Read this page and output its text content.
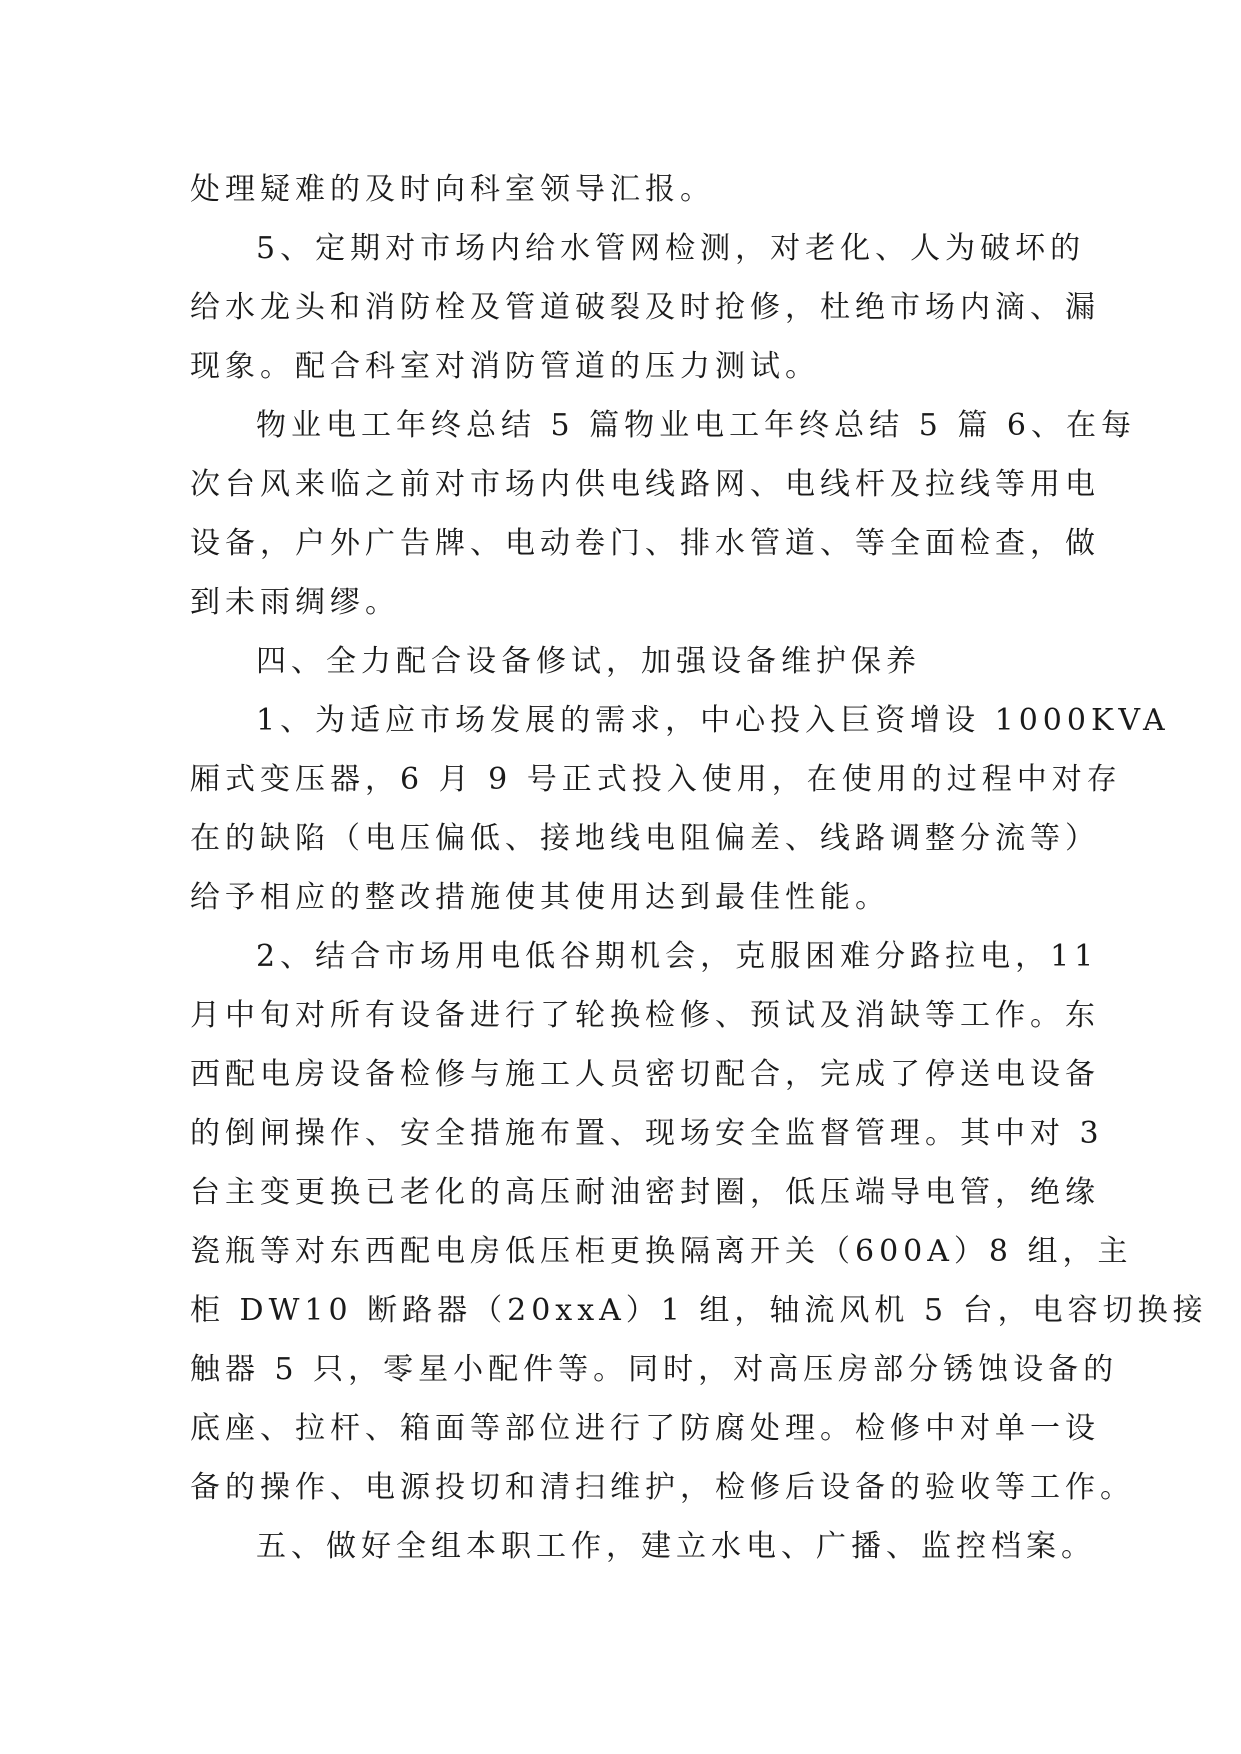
处理疑难的及时向科室领导汇报。

5、定期对市场内给水管网检测，对老化、人为破坏的

给水龙头和消防栓及管道破裂及时抢修，杜绝市场内滴、漏

现象。配合科室对消防管道的压力测试。

物业电工年终总结 5 篇物业电工年终总结 5 篇 6、在每

次台风来临之前对市场内供电线路网、电线杆及拉线等用电

设备，户外广告牌、电动卷门、排水管道、等全面检查，做

到未雨绸缪。

四、全力配合设备修试，加强设备维护保养

1、为适应市场发展的需求，中心投入巨资增设 1000KVA

厢式变压器，6 月 9 号正式投入使用，在使用的过程中对存

在的缺陷（电压偏低、接地线电阻偏差、线路调整分流等）

给予相应的整改措施使其使用达到最佳性能。

2、结合市场用电低谷期机会，克服困难分路拉电，11

月中旬对所有设备进行了轮换检修、预试及消缺等工作。东

西配电房设备检修与施工人员密切配合，完成了停送电设备

的倒闸操作、安全措施布置、现场安全监督管理。其中对 3

台主变更换已老化的高压耐油密封圈，低压端导电管，绝缘

瓷瓶等对东西配电房低压柜更换隔离开关（600A）8 组，主

柜 DW10 断路器（20xxA）1 组，轴流风机 5 台，电容切换接

触器 5 只，零星小配件等。同时，对高压房部分锈蚀设备的

底座、拉杆、箱面等部位进行了防腐处理。检修中对单一设

备的操作、电源投切和清扫维护，检修后设备的验收等工作。

五、做好全组本职工作，建立水电、广播、监控档案。
